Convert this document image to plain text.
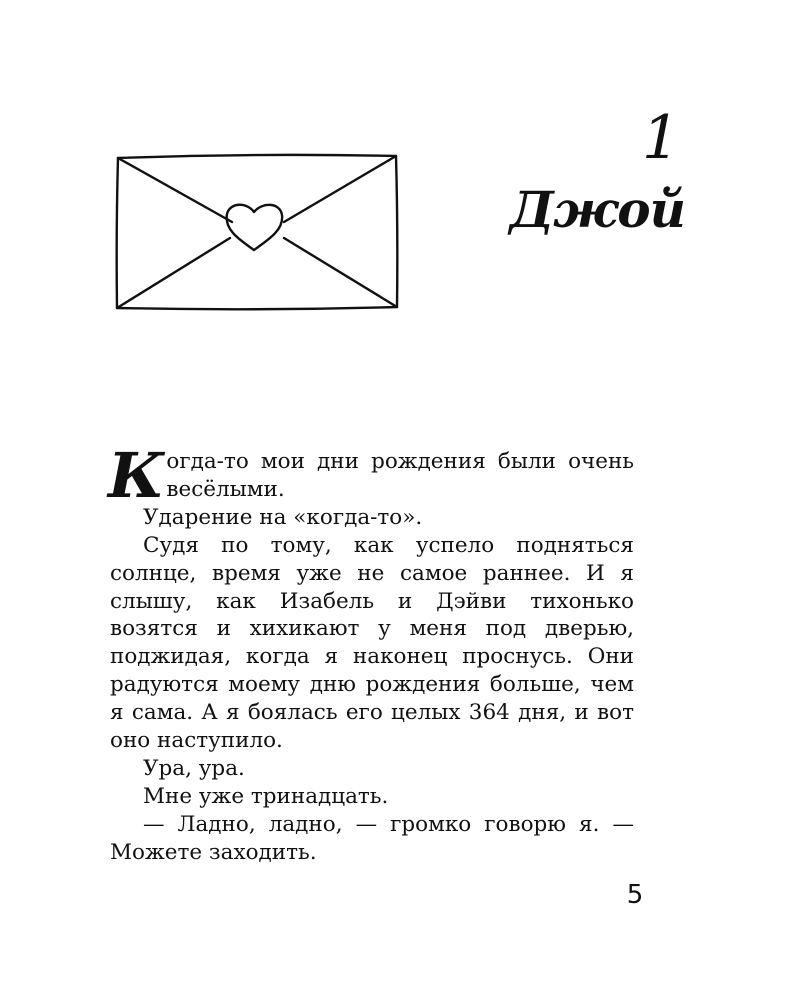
1
Джой

Когда-то мои дни рождения были очень весёлыми.

Ударение на «когда-то».

Судя по тому, как успело подняться солнце, время уже не самое раннее. И я слышу, как Изабель и Дэйви тихонько возятся и хихикают у меня под дверью, поджидая, когда я наконец проснусь. Они радуются моему дню рождения больше, чем я сама. А я боялась его целых 364 дня, и вот оно наступило.

Ура, ура.

Мне уже тринадцать.

— Ладно, ладно, — громко говорю я. — Можете заходить.

5
